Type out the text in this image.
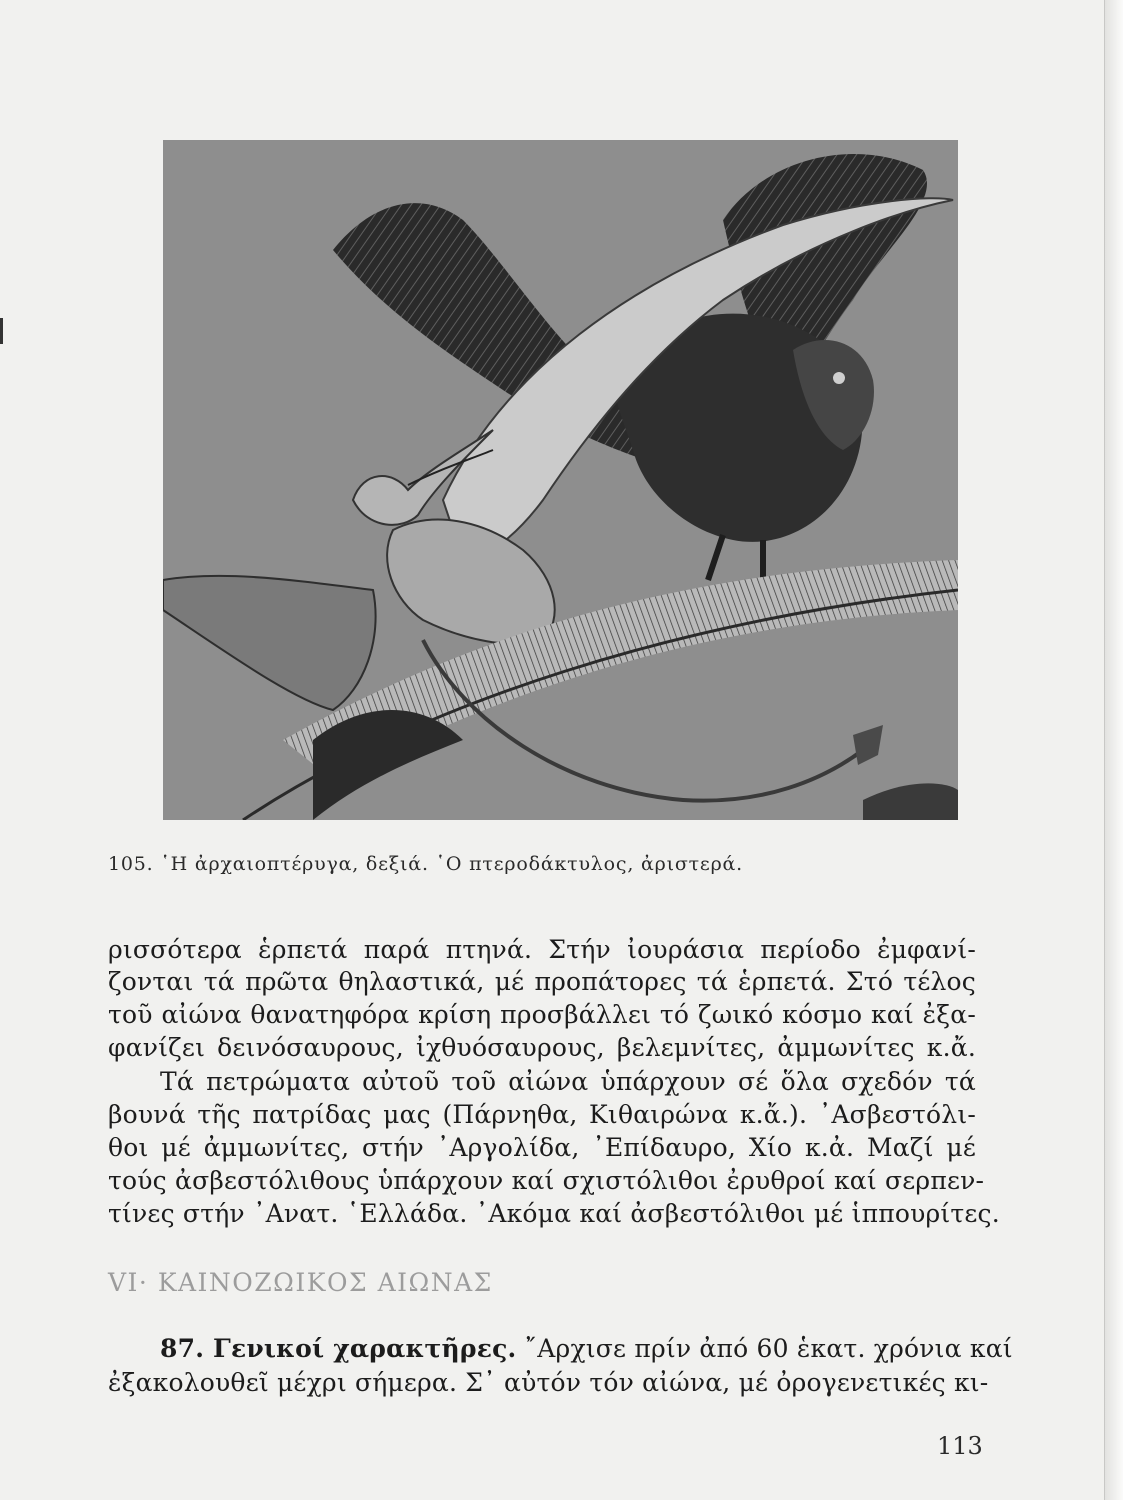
105. ῾Η ἀρχαιοπτέρυγα, δεξιά. ῾Ο πτεροδάκτυλος, ἀριστερά.
ρισσότερα ἑρπετά παρά πτηνά. Στήν ἰουράσια περίοδο ἐμφανί-
ζονται τά πρῶτα θηλαστικά, μέ προπάτορες τά ἑρπετά. Στό τέλος
τοῦ αἰώνα θανατηφόρα κρίση προσβάλλει τό ζωικό κόσμο καί ἐξα-
φανίζει δεινόσαυρους, ἰχθυόσαυρους, βελεμνίτες, ἀμμωνίτες κ.ἄ.
Τά πετρώματα αὐτοῦ τοῦ αἰώνα ὑπάρχουν σέ ὅλα σχεδόν τά
βουνά τῆς πατρίδας μας (Πάρνηθα, Κιθαιρώνα κ.ἄ.). ᾿Ασβεστόλι-
θοι μέ ἀμμωνίτες, στήν ᾿Αργολίδα, ᾿Επίδαυρο, Χίο κ.ἀ. Μαζί μέ
τούς ἀσβεστόλιθους ὑπάρχουν καί σχιστόλιθοι ἐρυθροί καί σερπεν-
τίνες στήν ᾿Ανατ. ῾Ελλάδα. ᾿Ακόμα καί ἀσβεστόλιθοι μέ ἱππουρίτες.
VI· ΚΑΙΝΟΖΩΙΚΟΣ ΑΙΩΝΑΣ
87. Γενικοί χαρακτῆρες. ῎Αρχισε πρίν ἀπό 60 ἑκατ. χρόνια καί
ἐξακολουθεῖ μέχρι σήμερα. Σ᾿ αὐτόν τόν αἰώνα, μέ ὀρογενετικές κι-
113
